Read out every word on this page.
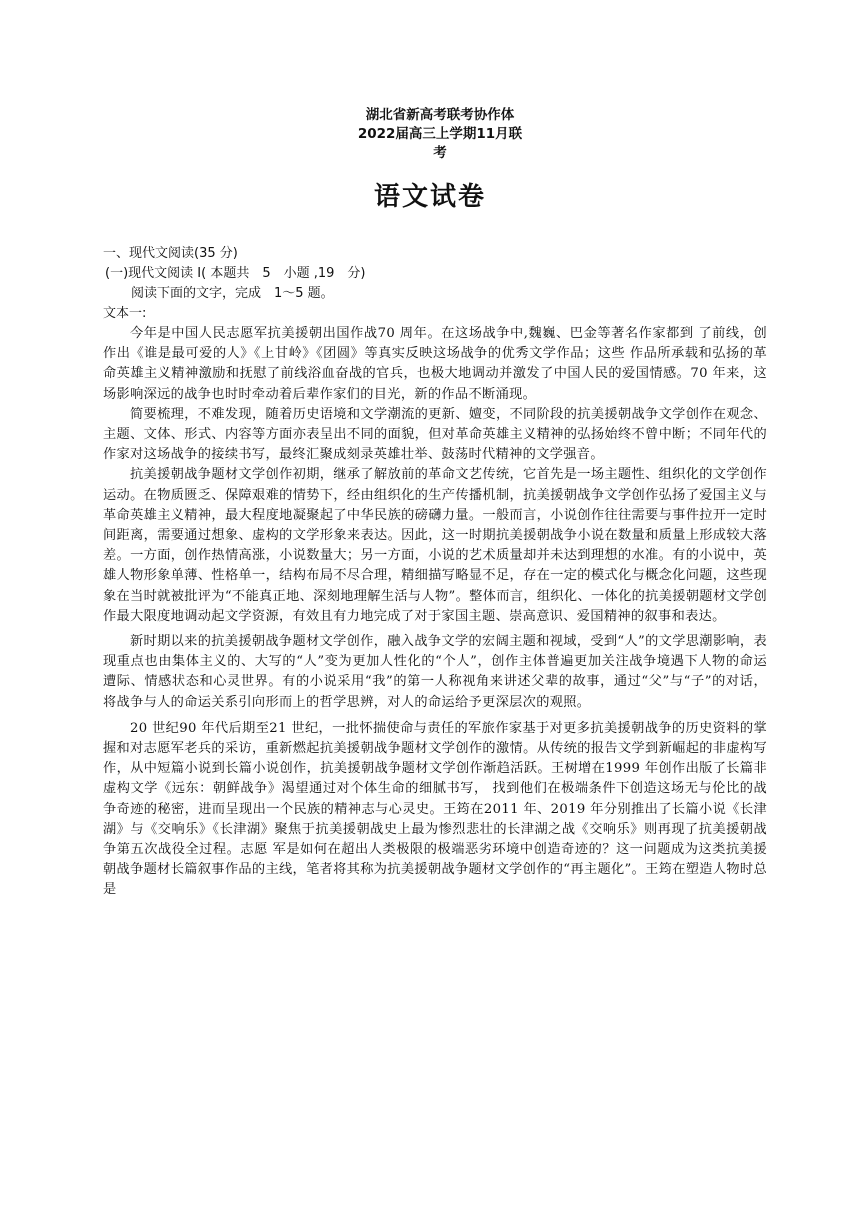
湖北省新高考联考协作体
2022届高三上学期11月联
考
语文试卷
一、现代文阅读(35 分)
(一)现代文阅读 I( 本题共　5　小题 ,19　分)
阅读下面的文字，完成　1～5 题。
文本一:

今年是中国人民志愿军抗美援朝出国作战70 周年。在这场战争中,魏巍、巴金等著名作家都到 了前线，创作出《谁是最可爱的人》《上甘岭》《团圆》等真实反映这场战争的优秀文学作品；这些 作品所承载和弘扬的革命英雄主义精神激励和抚慰了前线浴血奋战的官兵，也极大地调动并激发了中国人民的爱国情感。70 年来，这场影响深远的战争也时时牵动着后辈作家们的目光，新的作品不断涌现。

简要梳理，不难发现，随着历史语境和文学潮流的更新、嬗变，不同阶段的抗美援朝战争文学创作在观念、主题、文体、形式、内容等方面亦表呈出不同的面貌，但对革命英雄主义精神的弘扬始终不曾中断；不同年代的作家对这场战争的接续书写，最终汇聚成刻录英雄壮举、鼓荡时代精神的文学强音。

抗美援朝战争题材文学创作初期，继承了解放前的革命文艺传统，它首先是一场主题性、组织化的文学创作运动。在物质匮乏、保障艰难的情势下，经由组织化的生产传播机制，抗美援朝战争文学创作弘扬了爱国主义与革命英雄主义精神，最大程度地凝聚起了中华民族的磅礴力量。一般而言，小说创作往往需要与事件拉开一定时间距离，需要通过想象、虚构的文学形象来表达。因此，这一时期抗美援朝战争小说在数量和质量上形成较大落差。一方面，创作热情高涨，小说数量大；另一方面，小说的艺术质量却并未达到理想的水准。有的小说中，英雄人物形象单薄、性格单一，结构布局不尽合理，精细描写略显不足，存在一定的模式化与概念化问题，这些现象在当时就被批评为“不能真正地、深刻地理解生活与人物”。整体而言，组织化、一体化的抗美援朝题材文学创作最大限度地调动起文学资源，有效且有力地完成了对于家国主题、崇高意识、爱国精神的叙事和表达。

新时期以来的抗美援朝战争题材文学创作，融入战争文学的宏阔主题和视域，受到“人”的文学思潮影响，表现重点也由集体主义的、大写的“人”变为更加人性化的“个人”，创作主体普遍更加关注战争境遇下人物的命运遭际、情感状态和心灵世界。有的小说采用“我”的第一人称视角来讲述父辈的故事，通过“父”与“子”的对话，将战争与人的命运关系引向形而上的哲学思辨，对人的命运给予更深层次的观照。

20 世纪90 年代后期至21 世纪，一批怀揣使命与责任的军旅作家基于对更多抗美援朝战争的历史资料的掌握和对志愿军老兵的采访，重新燃起抗美援朝战争题材文学创作的激情。从传统的报告文学到新崛起的非虚构写作，从中短篇小说到长篇小说创作，抗美援朝战争题材文学创作渐趋活跃。王树增在1999 年创作出版了长篇非虚构文学《远东：朝鲜战争》渴望通过对个体生命的细腻书写， 找到他们在极端条件下创造这场无与伦比的战争奇迹的秘密，进而呈现出一个民族的精神志与心灵史。王筠在2011 年、2019 年分别推出了长篇小说《长津湖》与《交响乐》《长津湖》聚焦于抗美援朝战史上最为惨烈悲壮的长津湖之战《交响乐》则再现了抗美援朝战争第五次战役全过程。志愿 军是如何在超出人类极限的极端恶劣环境中创造奇迹的？这一问题成为这类抗美援朝战争题材长篇叙事作品的主线，笔者将其称为抗美援朝战争题材文学创作的“再主题化”。王筠在塑造人物时总是
